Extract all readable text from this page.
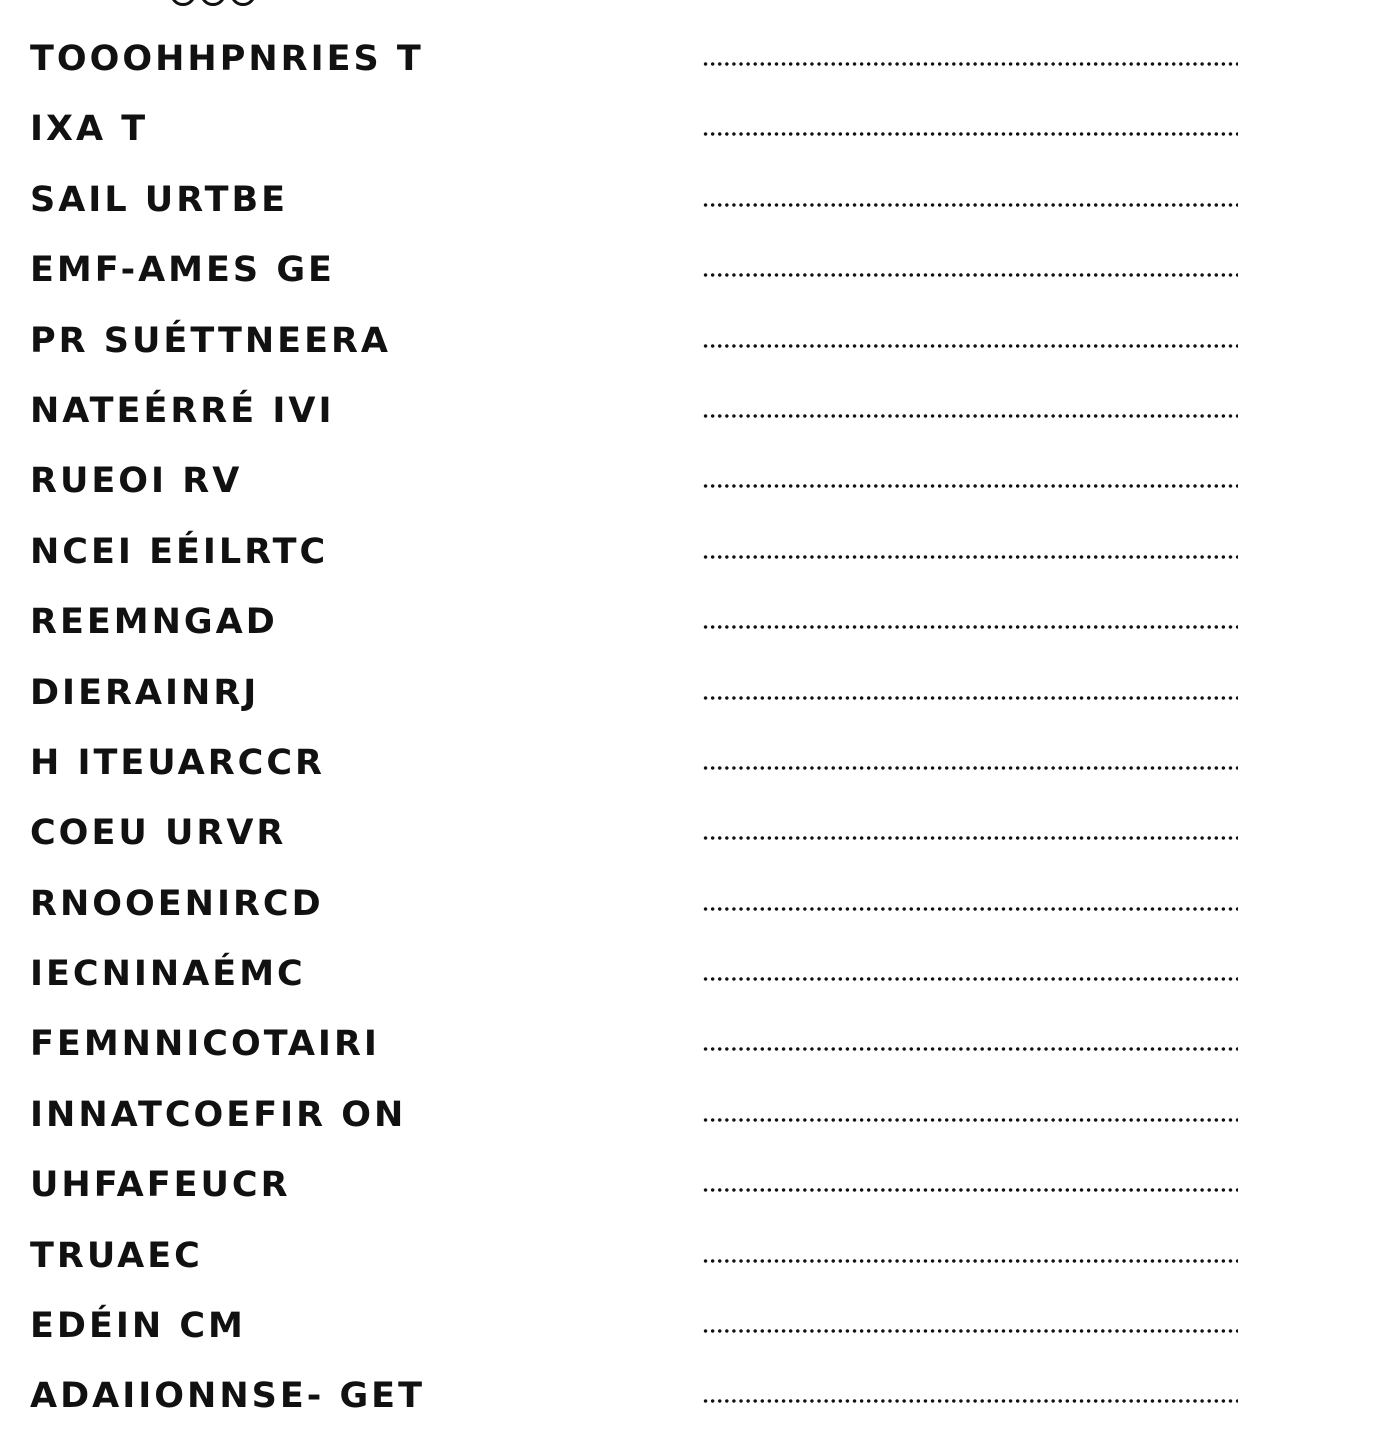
TOOOHHPNRIES T
IXA T
SAIL URTBE
EMF-AMES GE
PR SUÉTTNEERA
NATEÉRRÉ IVI
RUEOI RV
NCEI EÉILRTC
REEMNGAD
DIERAINRJ
H ITEUARCCR
COEU URVR
RNOOENIRCD
IECNINAÉMC
FEMNNICOTAIRI
INNATCOEFIR ON
UHFAFEUCR
TRUAEC
EDÉIN CM
ADAIIONNSE- GET
